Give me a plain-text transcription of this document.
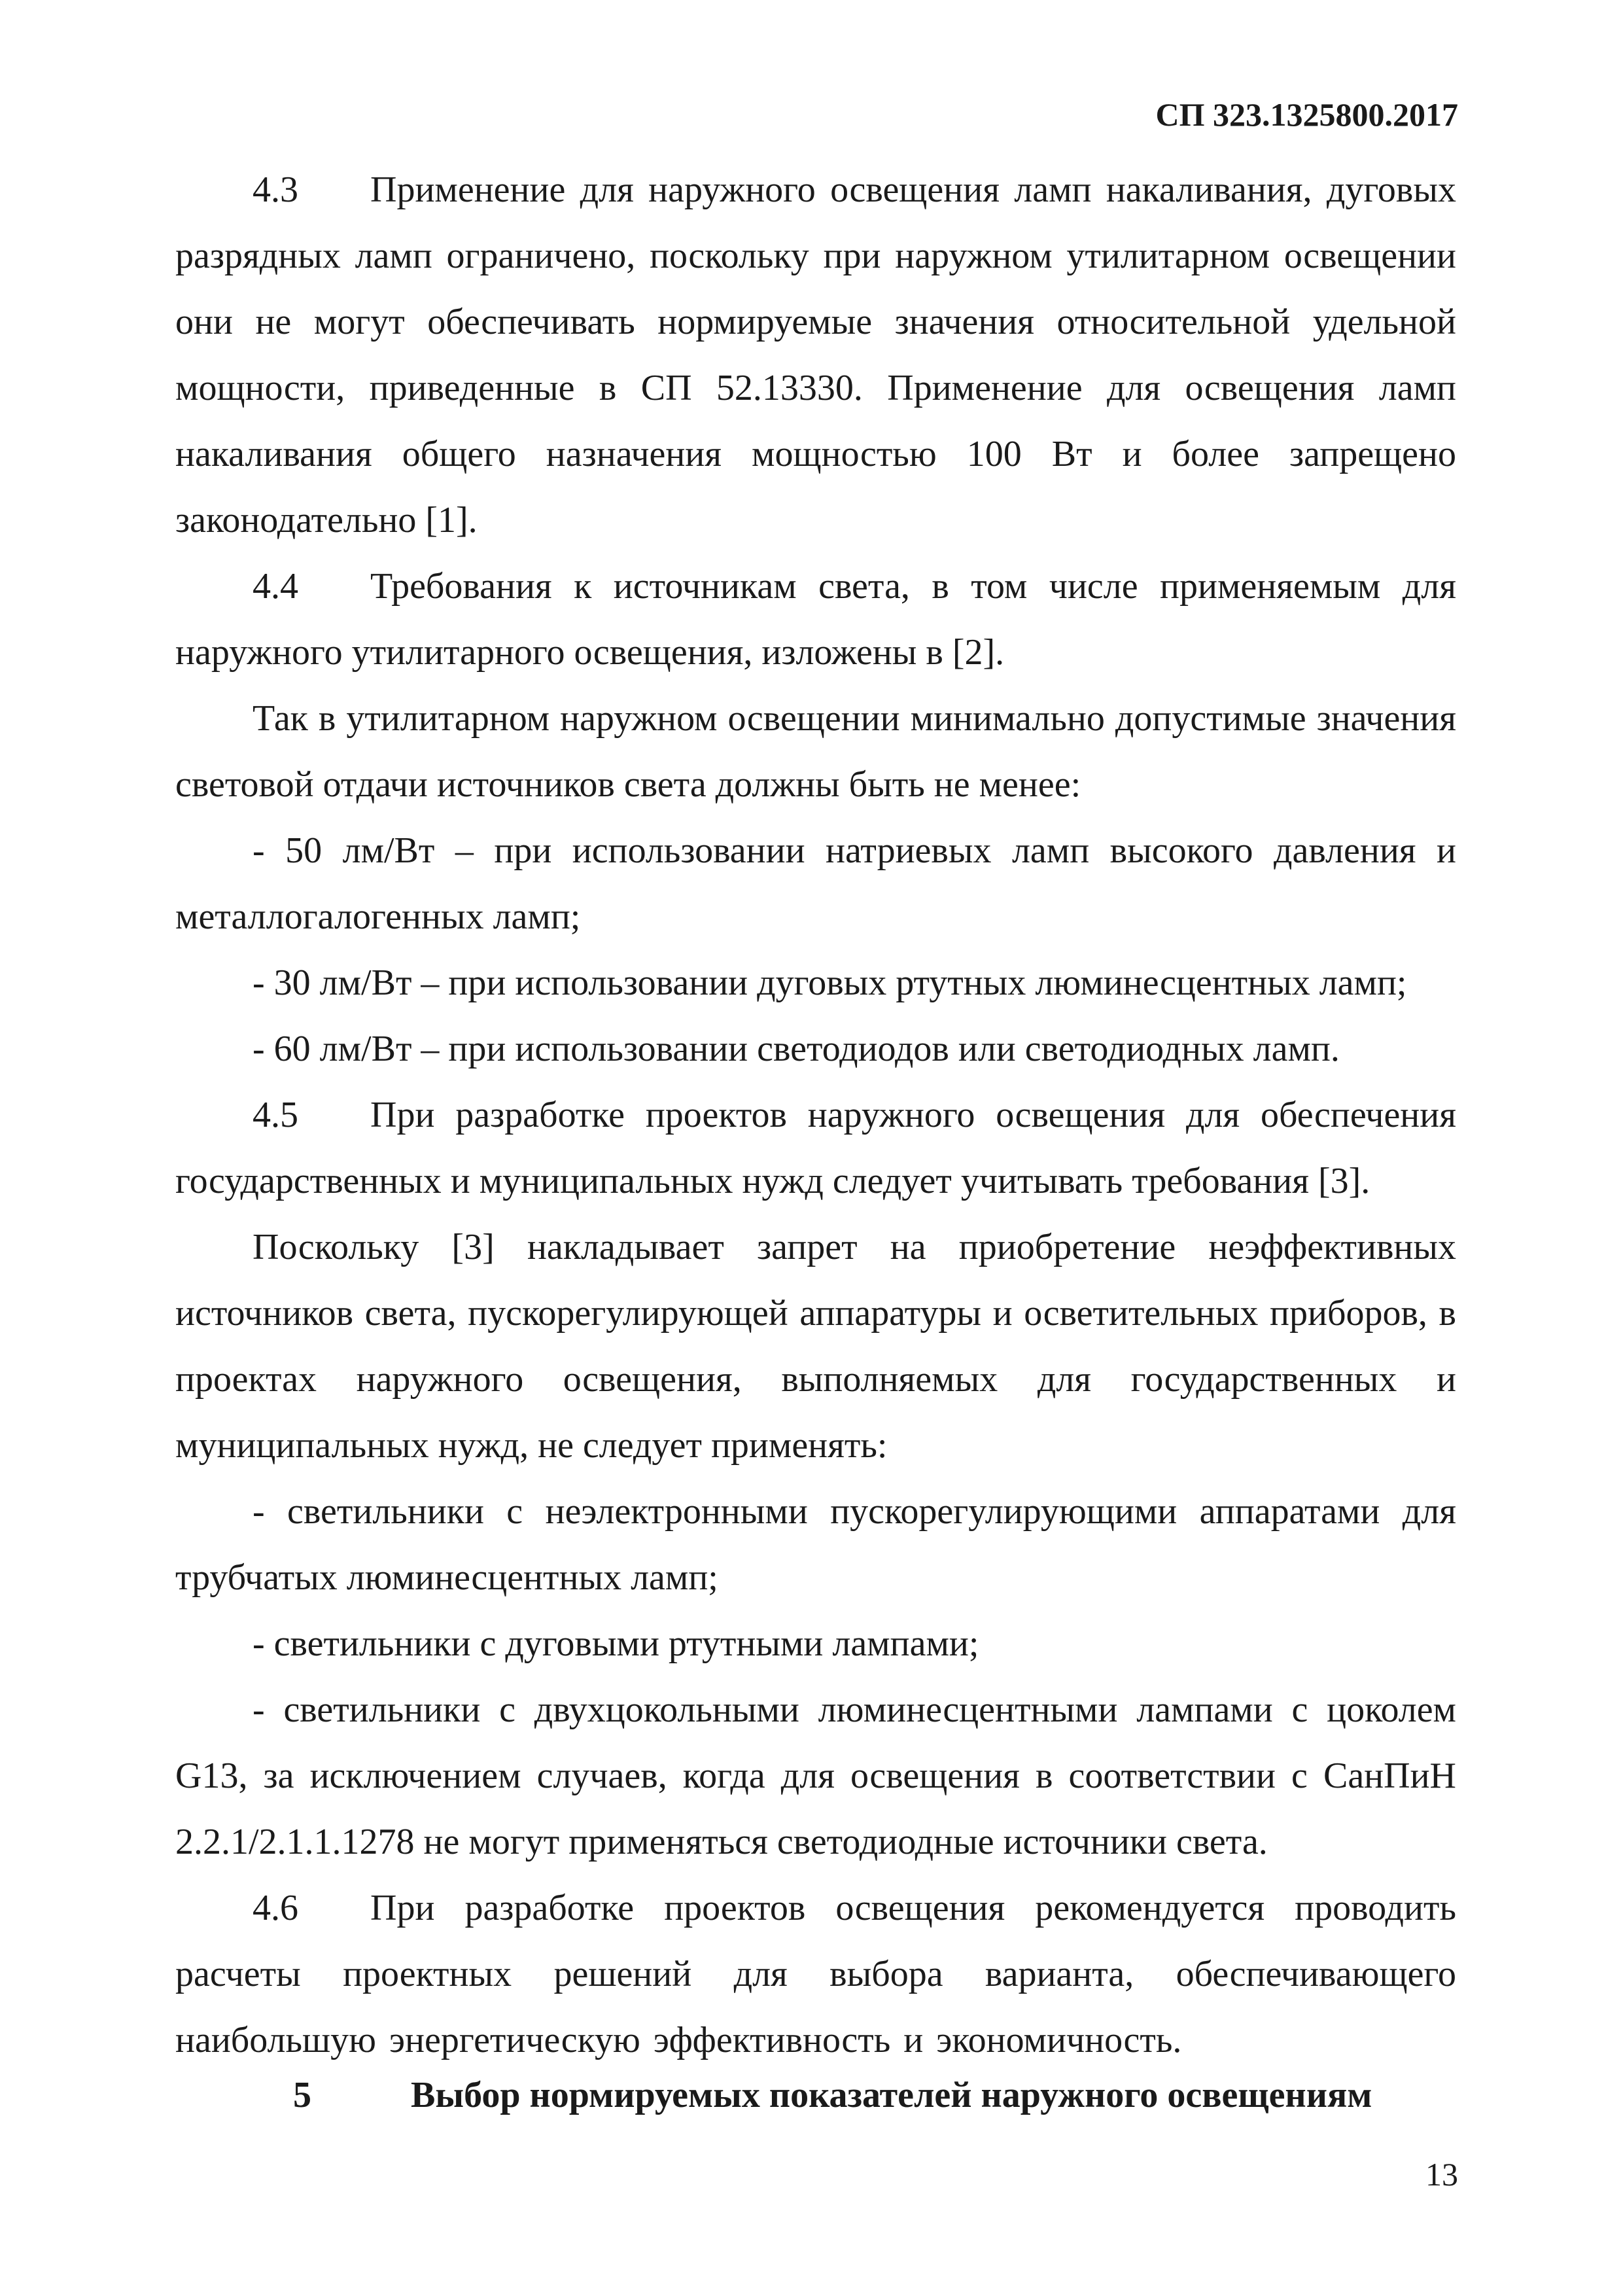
СП 323.1325800.2017

4.3 Применение для наружного освещения ламп накаливания, дуговых разрядных ламп ограничено, поскольку при наружном утилитарном освещении они не могут обеспечивать нормируемые значения относительной удельной мощности, приведенные в СП 52.13330. Применение для освещения ламп накаливания общего назначения мощностью 100 Вт и более запрещено законодательно [1].

4.4 Требования к источникам света, в том числе применяемым для наружного утилитарного освещения, изложены в [2].

Так в утилитарном наружном освещении минимально допустимые значения световой отдачи источников света должны быть не менее:

- 50 лм/Вт – при использовании натриевых ламп высокого давления и металлогалогенных ламп;

- 30 лм/Вт – при использовании дуговых ртутных люминесцентных ламп;

- 60 лм/Вт – при использовании светодиодов или светодиодных ламп.

4.5 При разработке проектов наружного освещения для обеспечения государственных и муниципальных нужд следует учитывать требования [3].

Поскольку [3] накладывает запрет на приобретение неэффективных источников света, пускорегулирующей аппаратуры и осветительных приборов, в проектах наружного освещения, выполняемых для государственных и муниципальных нужд, не следует применять:

- светильники с неэлектронными пускорегулирующими аппаратами для трубчатых люминесцентных ламп;

- светильники с дуговыми ртутными лампами;

- светильники с двухцокольными люминесцентными лампами с цоколем G13, за исключением случаев, когда для освещения в соответствии с СанПиН 2.2.1/2.1.1.1278 не могут применяться светодиодные источники света.

4.6 При разработке проектов освещения рекомендуется проводить расчеты проектных решений для выбора варианта, обеспечивающего наибольшую энергетическую эффективность и экономичность.

5	Выбор нормируемых показателей наружного освещениям
13
